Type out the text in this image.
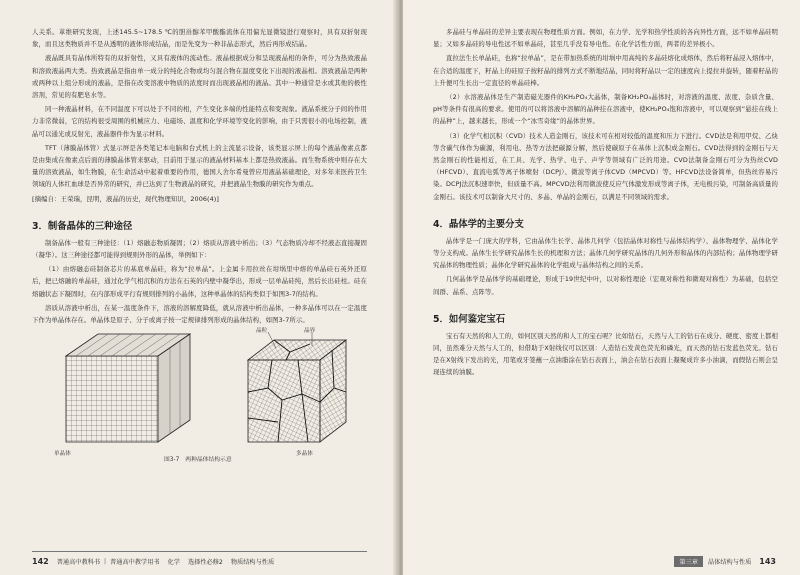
人关系。革维研究发现，上述145.5~178.5 ℃的胆甾醇苯甲酸酯流体在用偏光显微镜进行观察时，具有双折射现象，而且这类物质并不是从透明的液体形成结晶，而是先变为一种非晶态形式，然后再形成结晶。

液晶既具有晶体所特有的双折射性，又具有液体的流动性。液晶根据成分和呈现液晶相的条件，可分为热致液晶和溶致液晶两大类。热致液晶是指由单一成分的纯化合物或均匀混合物在温度变化下出现的液晶相。溶致液晶是两种或两种以上组分形成的液晶，是指在改变溶液中物质的浓度时而出现液晶相的液晶。其中一种通常是水或其他的极性溶剂，常见的有肥皂水等。

同一种液晶材料，在不同温度下可以处于不同的相，产生变化多端的性能特点和变现象。液晶系统分子间的作用力非常微弱，它的结构很受周围的机械应力、电磁场、温度和化学环境等变化的影响，由于只需很小的电场控制，液晶可以通光或反射光，液晶器件作为显示材料。

TFT（薄膜晶体管）式显示屏是各类笔记本电脑和台式机上的主流显示设备，该类显示屏上的每个液晶像素点都是由集成在像素点后面的薄膜晶体管来驱动，目前用于显示的液晶材料基本上都是热致液晶。而生物系统中则存在大量的溶致液晶，如生物膜，在生命活动中起着重要的作用，德国人舍尔希曼曾应用液晶基础理论，对多年来医药卫生领域的人体红血球是否异常的研究，并已达到了生物液晶的研究，并把液晶生物膜的研究作为重点。

[摘编自：王荣瑞，昆明，液晶的历史，现代物理知识，2006(4)]

3．制备晶体的三种途径

制备晶体一般有三种途径：（1）熔融态物质凝固；（2）熔质从溶液中析出；（3）气态物质冷却不经液态直接凝固（凝华）。这三种途径都可能得到规则外形的晶体，举例如下：

（1）由熔融态硅制备芯片的基底单晶硅，称为“拉单晶”。上金属卡用拉丝在坩埚里中熔的单晶硅石英外还原后，把已熔融的单晶硅，通过化学气相沉积的方法在石英的内壁中凝华出，形成一层单晶硅纯，然后长出硅柱。硅在熔融状态下凝固时，在内部形成平行有规则排列的小晶体，这种单晶体的结构类似于如图3-7的结构。

溶质从溶液中析出，在某一温度条件下，溶液的溶解度降低，就从溶液中析出晶体，一种多晶体可以在一定温度下作为单晶体存在。单晶体是原子、分子或离子按一定规律排列形成的晶体结构，如图3-7所示。

单晶体
晶粒	晶界
多晶体
图3-7 两种晶体结构示意
142 普通高中教科书 | 普通高中教学用书 化学 选择性必修2 物质结构与性质

多晶硅与单晶硅的差异主要表现在物理性质方面。例如，在力学、光学和热学性质的各向异性方面，远不如单晶硅明显；又如多晶硅的导电性远不如单晶硅，甚至几乎没有导电性。在化学活性方面，两者的差异极小。

直拉法生长单晶硅，也称“拉单晶”，是在带加热系统的坩埚中用高纯的多晶硅熔化成熔体，然后将籽晶浸入熔体中，在合适的温度下，籽晶上的硅原子按籽晶的排列方式不断地结晶，同时将籽晶以一定的速度向上提拉并旋转，随着籽晶的上升便可生长出一定直径的单晶硅棒。

（2）水溶液晶体是生产制造磁光器件的KH₂PO₄大晶体，制备KH₂PO₄晶体时，对溶液的温度、浓度、杂质含量、pH等条件有很高的要求。使用的可以将溶液中溶解的晶种挂在溶液中，使KH₂PO₄饱和溶液中，可以观察到“悬挂在线上的晶种”上，越来越长，形成一个“冰雪奇缘”的晶体世界。

（3）化学气相沉积（CVD）技术人造金刚石，该技术可在相对较低的温度和压力下进行。CVD法是利用甲烷、乙炔等含碳气体作为碳源，利用电、热等方法把碳源分解，然后使碳原子在基体上沉积成金刚石。CVD法得到的金刚石与天然金刚石的性能相近，在工具、光学、热学、电子、声学等领域有广泛的用途。CVD法制备金刚石可分为热丝CVD（HFCVD）、直流电弧等离子体喷射（DCPJ）、微波等离子体CVD（MPCVD）等。HFCVD法设备简单，但热丝容易污染。DCPJ法沉积速率快，但质量不高。MPCVD法利用微波使反应气体激发形成等离子体，无电极污染，可制备高质量的金刚石。该技术可以制备大尺寸的、多晶、单晶的金刚石，以满足不同领域的需求。

4．晶体学的主要分支

晶体学是一门庞大的学科，它由晶体生长学、晶体几何学（包括晶体对称性与晶体结构学）、晶体物理学、晶体化学等分支构成。晶体生长学研究晶体生长的机理和方法；晶体几何学研究晶体的几何外形和晶体的内部结构；晶体物理学研究晶体的物理性质；晶体化学研究晶体的化学组成与晶体结构之间的关系。

几何晶体学是晶体学的基础理论，形成于19世纪中叶，以对称性理论（宏观对称性和微观对称性）为基础，包括空间群、晶系、点阵等。

5．如何鉴定宝石

宝石有天然的和人工的，如何区别天然的和人工的宝石呢？比如钻石，天然与人工的钻石在成分、硬度、密度上都相同，虽然难分天然与人工的，但借助于X射线仪可以区别：人造钻石发黄色荧光和磷光，而天然的钻石发蓝色荧光。钻石是在X射线下发出的光，用笔或牙签蘸一点油脂涂在钻石表面上，油会在钻石表面上凝聚成许多小油滴，而假钻石则会呈现连续的油膜。

第三章	晶体结构与性质 143
